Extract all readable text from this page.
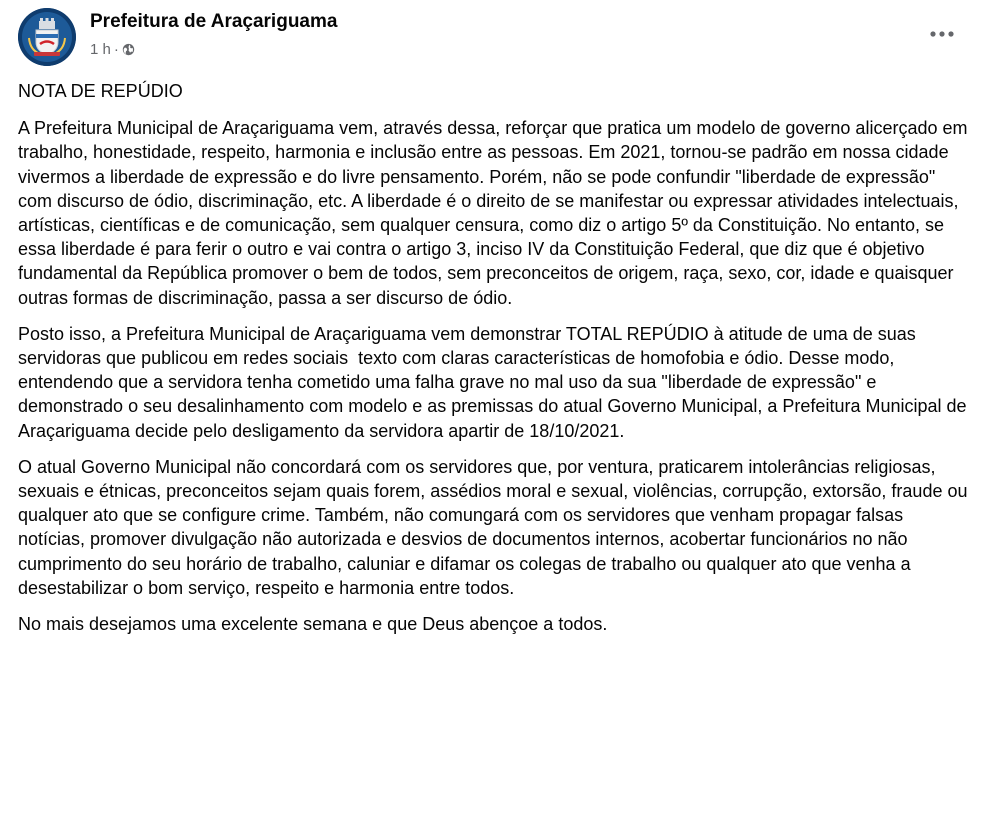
Prefeitura de Araçariguama
1 h ·

NOTA DE REPÚDIO

A Prefeitura Municipal de Araçariguama vem, através dessa, reforçar que pratica um modelo de governo alicerçado em trabalho, honestidade, respeito, harmonia e inclusão entre as pessoas. Em 2021, tornou-se padrão em nossa cidade vivermos a liberdade de expressão e do livre pensamento. Porém, não se pode confundir "liberdade de expressão" com discurso de ódio, discriminação, etc. A liberdade é o direito de se manifestar ou expressar atividades intelectuais, artísticas, científicas e de comunicação, sem qualquer censura, como diz o artigo 5º da Constituição. No entanto, se essa liberdade é para ferir o outro e vai contra o artigo 3, inciso IV da Constituição Federal, que diz que é objetivo fundamental da República promover o bem de todos, sem preconceitos de origem, raça, sexo, cor, idade e quaisquer outras formas de discriminação, passa a ser discurso de ódio.

Posto isso, a Prefeitura Municipal de Araçariguama vem demonstrar TOTAL REPÚDIO à atitude de uma de suas servidoras que publicou em redes sociais  texto com claras características de homofobia e ódio. Desse modo, entendendo que a servidora tenha cometido uma falha grave no mal uso da sua "liberdade de expressão" e demonstrado o seu desalinhamento com modelo e as premissas do atual Governo Municipal, a Prefeitura Municipal de Araçariguama decide pelo desligamento da servidora apartir de 18/10/2021.

O atual Governo Municipal não concordará com os servidores que, por ventura, praticarem intolerâncias religiosas, sexuais e étnicas, preconceitos sejam quais forem, assédios moral e sexual, violências, corrupção, extorsão, fraude ou qualquer ato que se configure crime. Também, não comungará com os servidores que venham propagar falsas notícias, promover divulgação não autorizada e desvios de documentos internos, acobertar funcionários no não cumprimento do seu horário de trabalho, caluniar e difamar os colegas de trabalho ou qualquer ato que venha a desestabilizar o bom serviço, respeito e harmonia entre todos.

No mais desejamos uma excelente semana e que Deus abençoe a todos.
